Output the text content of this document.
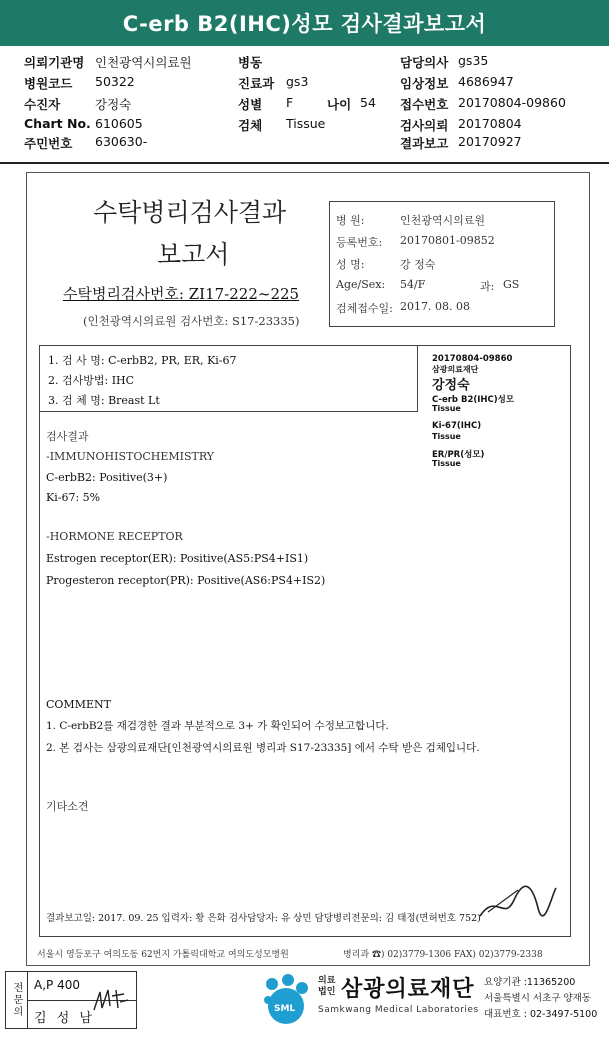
C-erb B2(IHC)성모 검사결과보고서
의뢰기관명 인천광역시의료원	병동	담당의사 gs35
병원코드 50322	진료과 gs3	임상정보 4686947
수진자	강정숙	성별 F	나이 54 접수번호 20170804-09860
Chart No. 610605	검체 Tissue	검사의뢰 20170804
주민번호 630630-	결과보고 20170927
수탁병리검사결과
보고서
수탁병리검사번호: ZI17-222~225
(인천광역시의료원 검사번호: S17-23335)
병 원:	인천광역시의료원
등록번호: 20170801-09852
성 명:	강 정숙
Age/Sex: 54/F	과: GS
검체접수일: 2017. 08. 08
1. 검 사 명: C-erbB2, PR, ER, Ki-67
2. 검사방법: IHC
3. 검 체 명: Breast Lt
20170804-09860
삼광의료재단
강정숙
C-erb B2(IHC)성모
Tissue
Ki-67(IHC)
Tissue
ER/PR(성모)
Tissue
검사결과
-IMMUNOHISTOCHEMISTRY
C-erbB2: Positive(3+)
Ki-67: 5%
-HORMONE RECEPTOR
Estrogen receptor(ER): Positive(AS5:PS4+IS1)
Progesteron receptor(PR): Positive(AS6:PS4+IS2)
COMMENT
1. C-erbB2를 재검경한 결과 부분적으로 3+ 가 확인되어 수정보고합니다.
2. 본 검사는 삼광의료재단[인천광역시의료원 병리과 S17-23335] 에서 수탁 받은 검체입니다.
기타소견
결과보고일: 2017. 09. 25 입력자: 황 은화 검사담당자: 유 상민 담당병리전문의: 김 태정(면허번호 752)
서울시 영등포구 여의도동 62번지 가톨릭대학교 여의도성모병원	병리과 ☎) 02)3779-1306 FAX) 02)3779-2338
전문의	A,P 400
김 성 남
SML
의료
법인 삼광의료재단
Samkwang Medical Laboratories
요양기관 :11365200
서울특별시 서초구 양재동
대표번호 : 02-3497-5100
